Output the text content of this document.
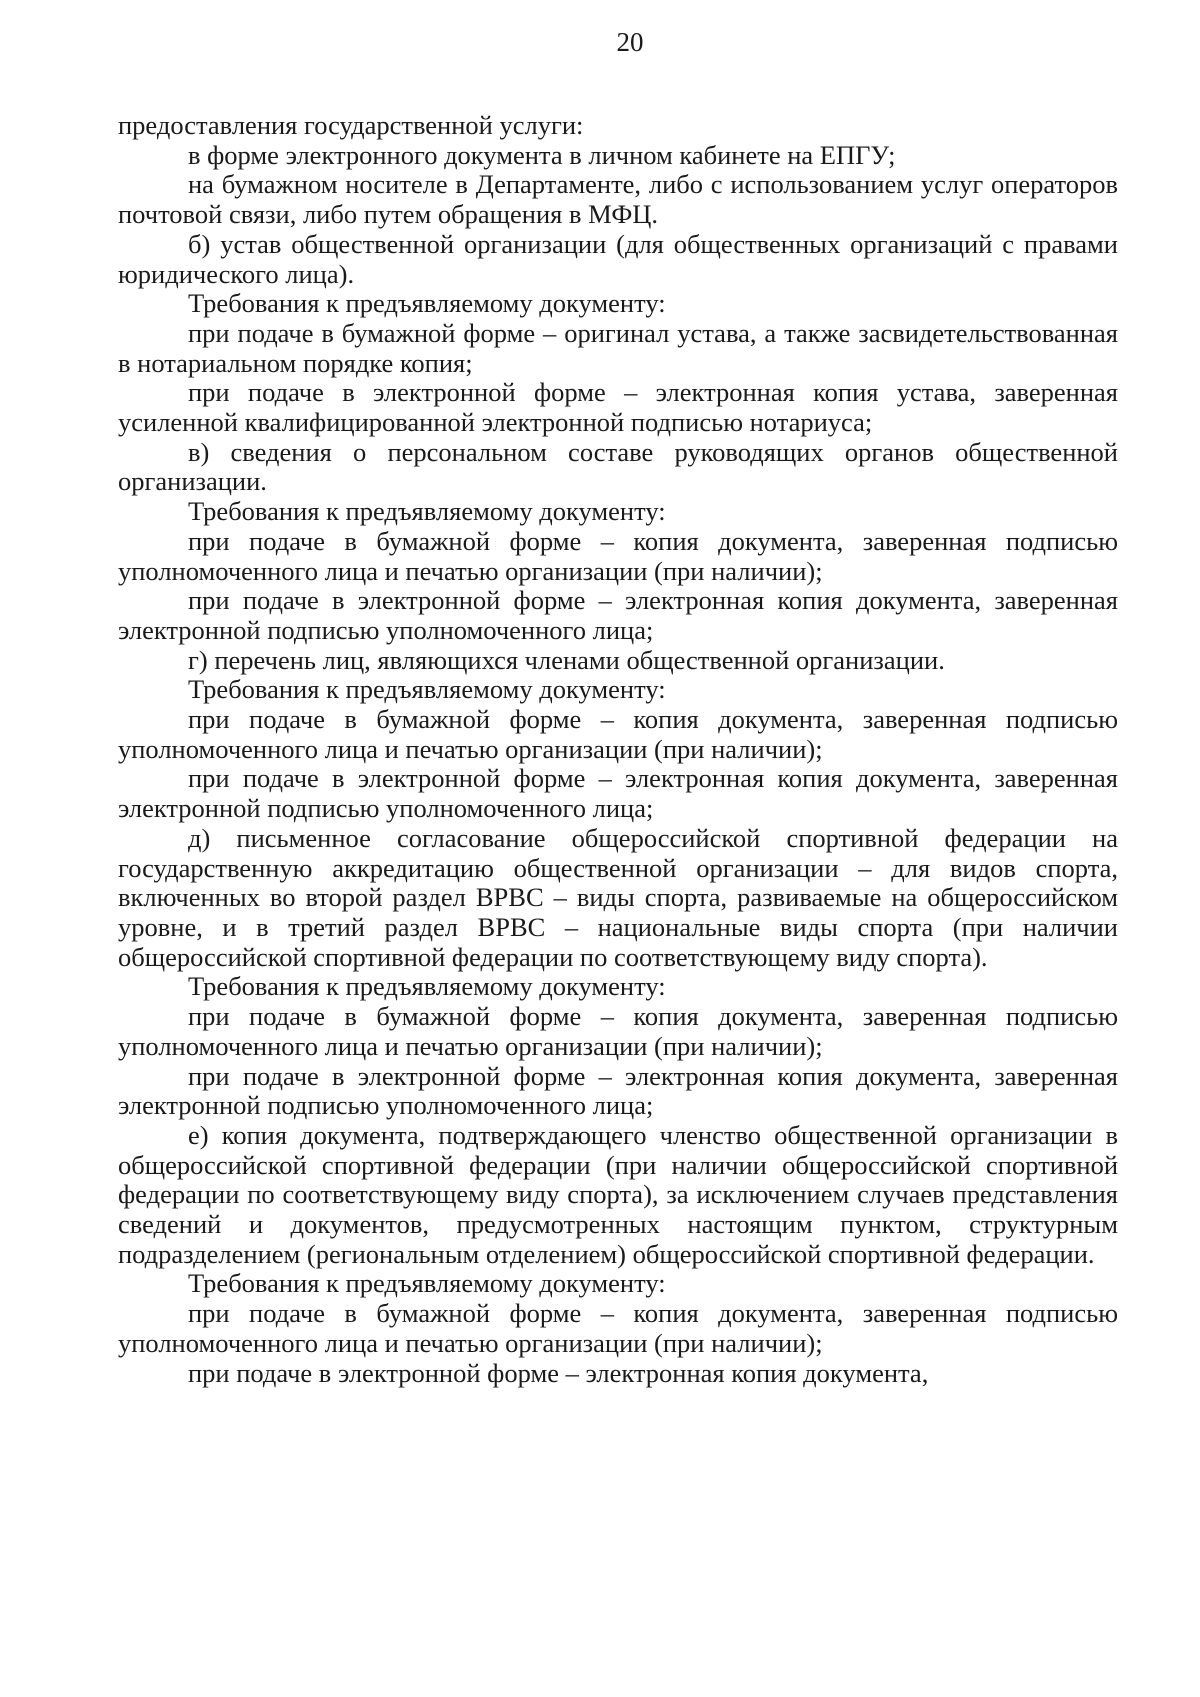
20

предоставления государственной услуги:

в форме электронного документа в личном кабинете на ЕПГУ;

на бумажном носителе в Департаменте, либо с использованием услуг операторов почтовой связи, либо путем обращения в МФЦ.

б) устав общественной организации (для общественных организаций с правами юридического лица).

Требования к предъявляемому документу:

при подаче в бумажной форме – оригинал устава, а также засвидетельствованная в нотариальном порядке копия;

при подаче в электронной форме – электронная копия устава, заверенная усиленной квалифицированной электронной подписью нотариуса;

в) сведения о персональном составе руководящих органов общественной организации.

Требования к предъявляемому документу:

при подаче в бумажной форме – копия документа, заверенная подписью уполномоченного лица и печатью организации (при наличии);

при подаче в электронной форме – электронная копия документа, заверенная электронной подписью уполномоченного лица;

г) перечень лиц, являющихся членами общественной организации.

Требования к предъявляемому документу:

при подаче в бумажной форме – копия документа, заверенная подписью уполномоченного лица и печатью организации (при наличии);

при подаче в электронной форме – электронная копия документа, заверенная электронной подписью уполномоченного лица;

д) письменное согласование общероссийской спортивной федерации на государственную аккредитацию общественной организации – для видов спорта, включенных во второй раздел ВРВС – виды спорта, развиваемые на общероссийском уровне, и в третий раздел ВРВС – национальные виды спорта (при наличии общероссийской спортивной федерации по соответствующему виду спорта).

Требования к предъявляемому документу:

при подаче в бумажной форме – копия документа, заверенная подписью уполномоченного лица и печатью организации (при наличии);

при подаче в электронной форме – электронная копия документа, заверенная электронной подписью уполномоченного лица;

е) копия документа, подтверждающего членство общественной организации в общероссийской спортивной федерации (при наличии общероссийской спортивной федерации по соответствующему виду спорта), за исключением случаев представления сведений и документов, предусмотренных настоящим пунктом, структурным подразделением (региональным отделением) общероссийской спортивной федерации.

Требования к предъявляемому документу:

при подаче в бумажной форме – копия документа, заверенная подписью уполномоченного лица и печатью организации (при наличии);

при подаче в электронной форме – электронная копия документа,
